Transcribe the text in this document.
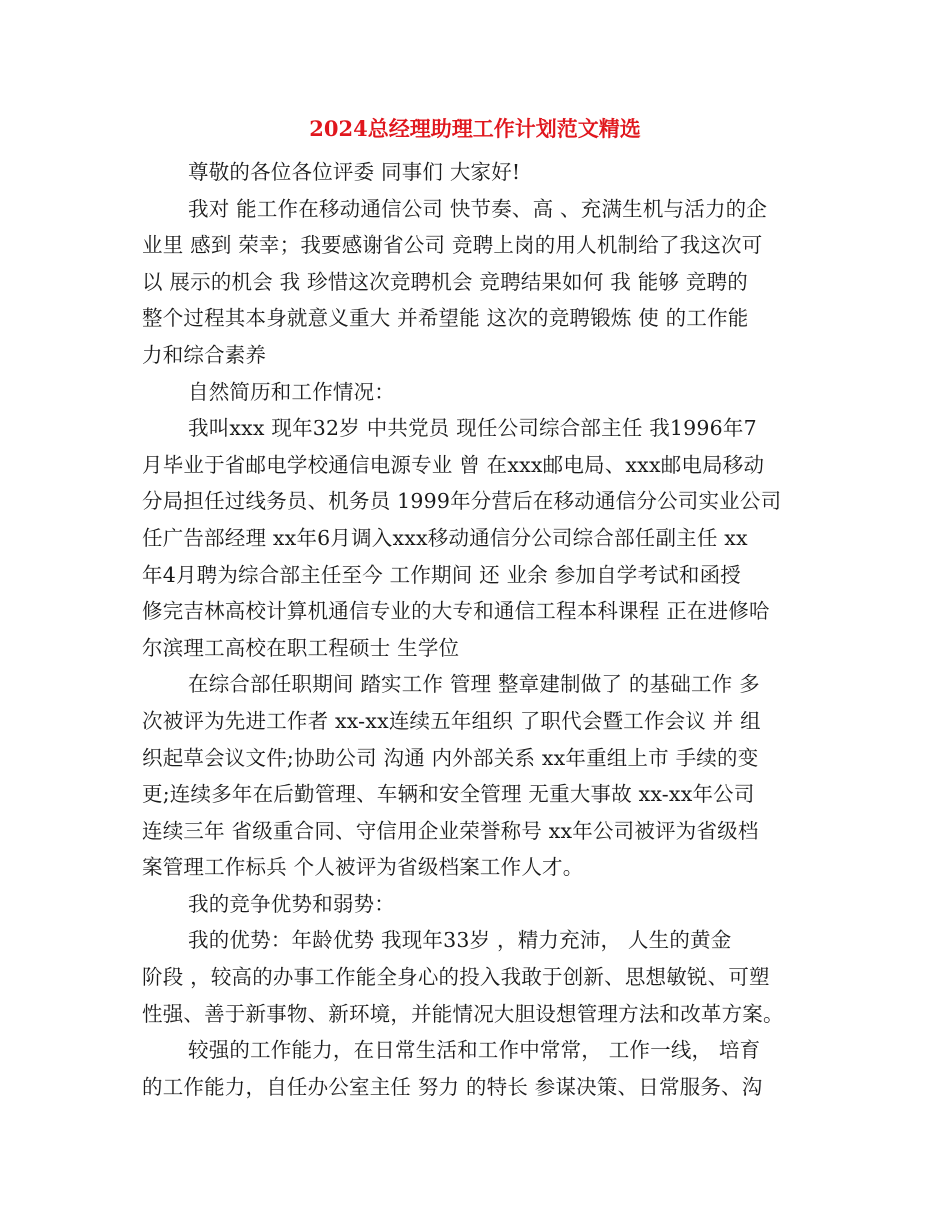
2024总经理助理工作计划范文精选
尊敬的各位各位评委 同事们 大家好!
我对 能工作在移动通信公司 快节奏、高 、充满生机与活力的企
业里 感到 荣幸；我要感谢省公司 竞聘上岗的用人机制给了我这次可
以 展示的机会 我 珍惜这次竞聘机会 竞聘结果如何 我 能够 竞聘的
整个过程其本身就意义重大 并希望能 这次的竞聘锻炼 使 的工作能
力和综合素养
自然简历和工作情况：
我叫xxx 现年32岁 中共党员 现任公司综合部主任 我1996年7
月毕业于省邮电学校通信电源专业 曾 在xxx邮电局、xxx邮电局移动
分局担任过线务员、机务员 1999年分营后在移动通信分公司实业公司
任广告部经理 xx年6月调入xxx移动通信分公司综合部任副主任 xx
年4月聘为综合部主任至今 工作期间 还 业余 参加自学考试和函授
修完吉林高校计算机通信专业的大专和通信工程本科课程 正在进修哈
尔滨理工高校在职工程硕士 生学位
在综合部任职期间 踏实工作 管理 整章建制做了 的基础工作 多
次被评为先进工作者 xx-xx连续五年组织 了职代会暨工作会议 并 组
织起草会议文件;协助公司 沟通 内外部关系 xx年重组上市 手续的变
更;连续多年在后勤管理、车辆和安全管理 无重大事故 xx-xx年公司
连续三年 省级重合同、守信用企业荣誉称号 xx年公司被评为省级档
案管理工作标兵 个人被评为省级档案工作人才。
我的竞争优势和弱势：
我的优势：年龄优势 我现年33岁 ，精力充沛， 人生的黄金
阶段 ，较高的办事工作能全身心的投入我敢于创新、思想敏锐、可塑
性强、善于新事物、新环境，并能情况大胆设想管理方法和改革方案。
较强的工作能力，在日常生活和工作中常常， 工作一线， 培育
的工作能力，自任办公室主任 努力 的特长 参谋决策、日常服务、沟
